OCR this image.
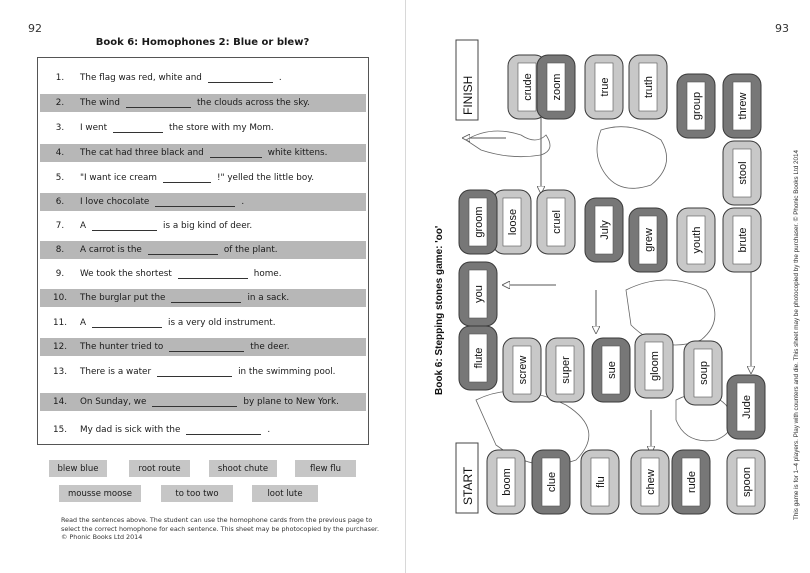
92
Book 6: Homophones 2: Blue or blew?
1.	The flag was red, white and	.
2.	The wind	the clouds across the sky.
3.	I went	the store with my Mom.
4.	The cat had three black and	white kittens.
5.	"I want ice cream	!" yelled the little boy.
6.	I love chocolate	.
7.	A	is a big kind of deer.
8.	A carrot is the	of the plant.
9.	We took the shortest	home.
10.	The burglar put the	in a sack.
11.	A	is a very old instrument.
12.	The hunter tried to	the deer.
13.	There is a water	in the swimming pool.
14.	On Sunday, we	by plane to New York.
15.	My dad is sick with the	.
blew blue	root route	shoot chute	flew flu
mousse moose	to too two	loot lute
Read the sentences above. The student can use the homophone cards from the previous page to select the correct homophone for each sentence. This sheet may be photocopied by the purchaser. © Phonic Books Ltd 2014
93
Book 6: Stepping stones game: 'oo'	This game is for 1–4 players. Play with counters and die. This sheet may be photocopied by the purchaser. © Phonic Books Ltd 2014
FINISH
START
crude zoom	true	truth
group	threw
stool
brute
youth
grew
July
cruel
loose
groom
you
flute	screw	super	sue	gloom	soup
Jude
spoon
rude
chew
flu
clue
boom
